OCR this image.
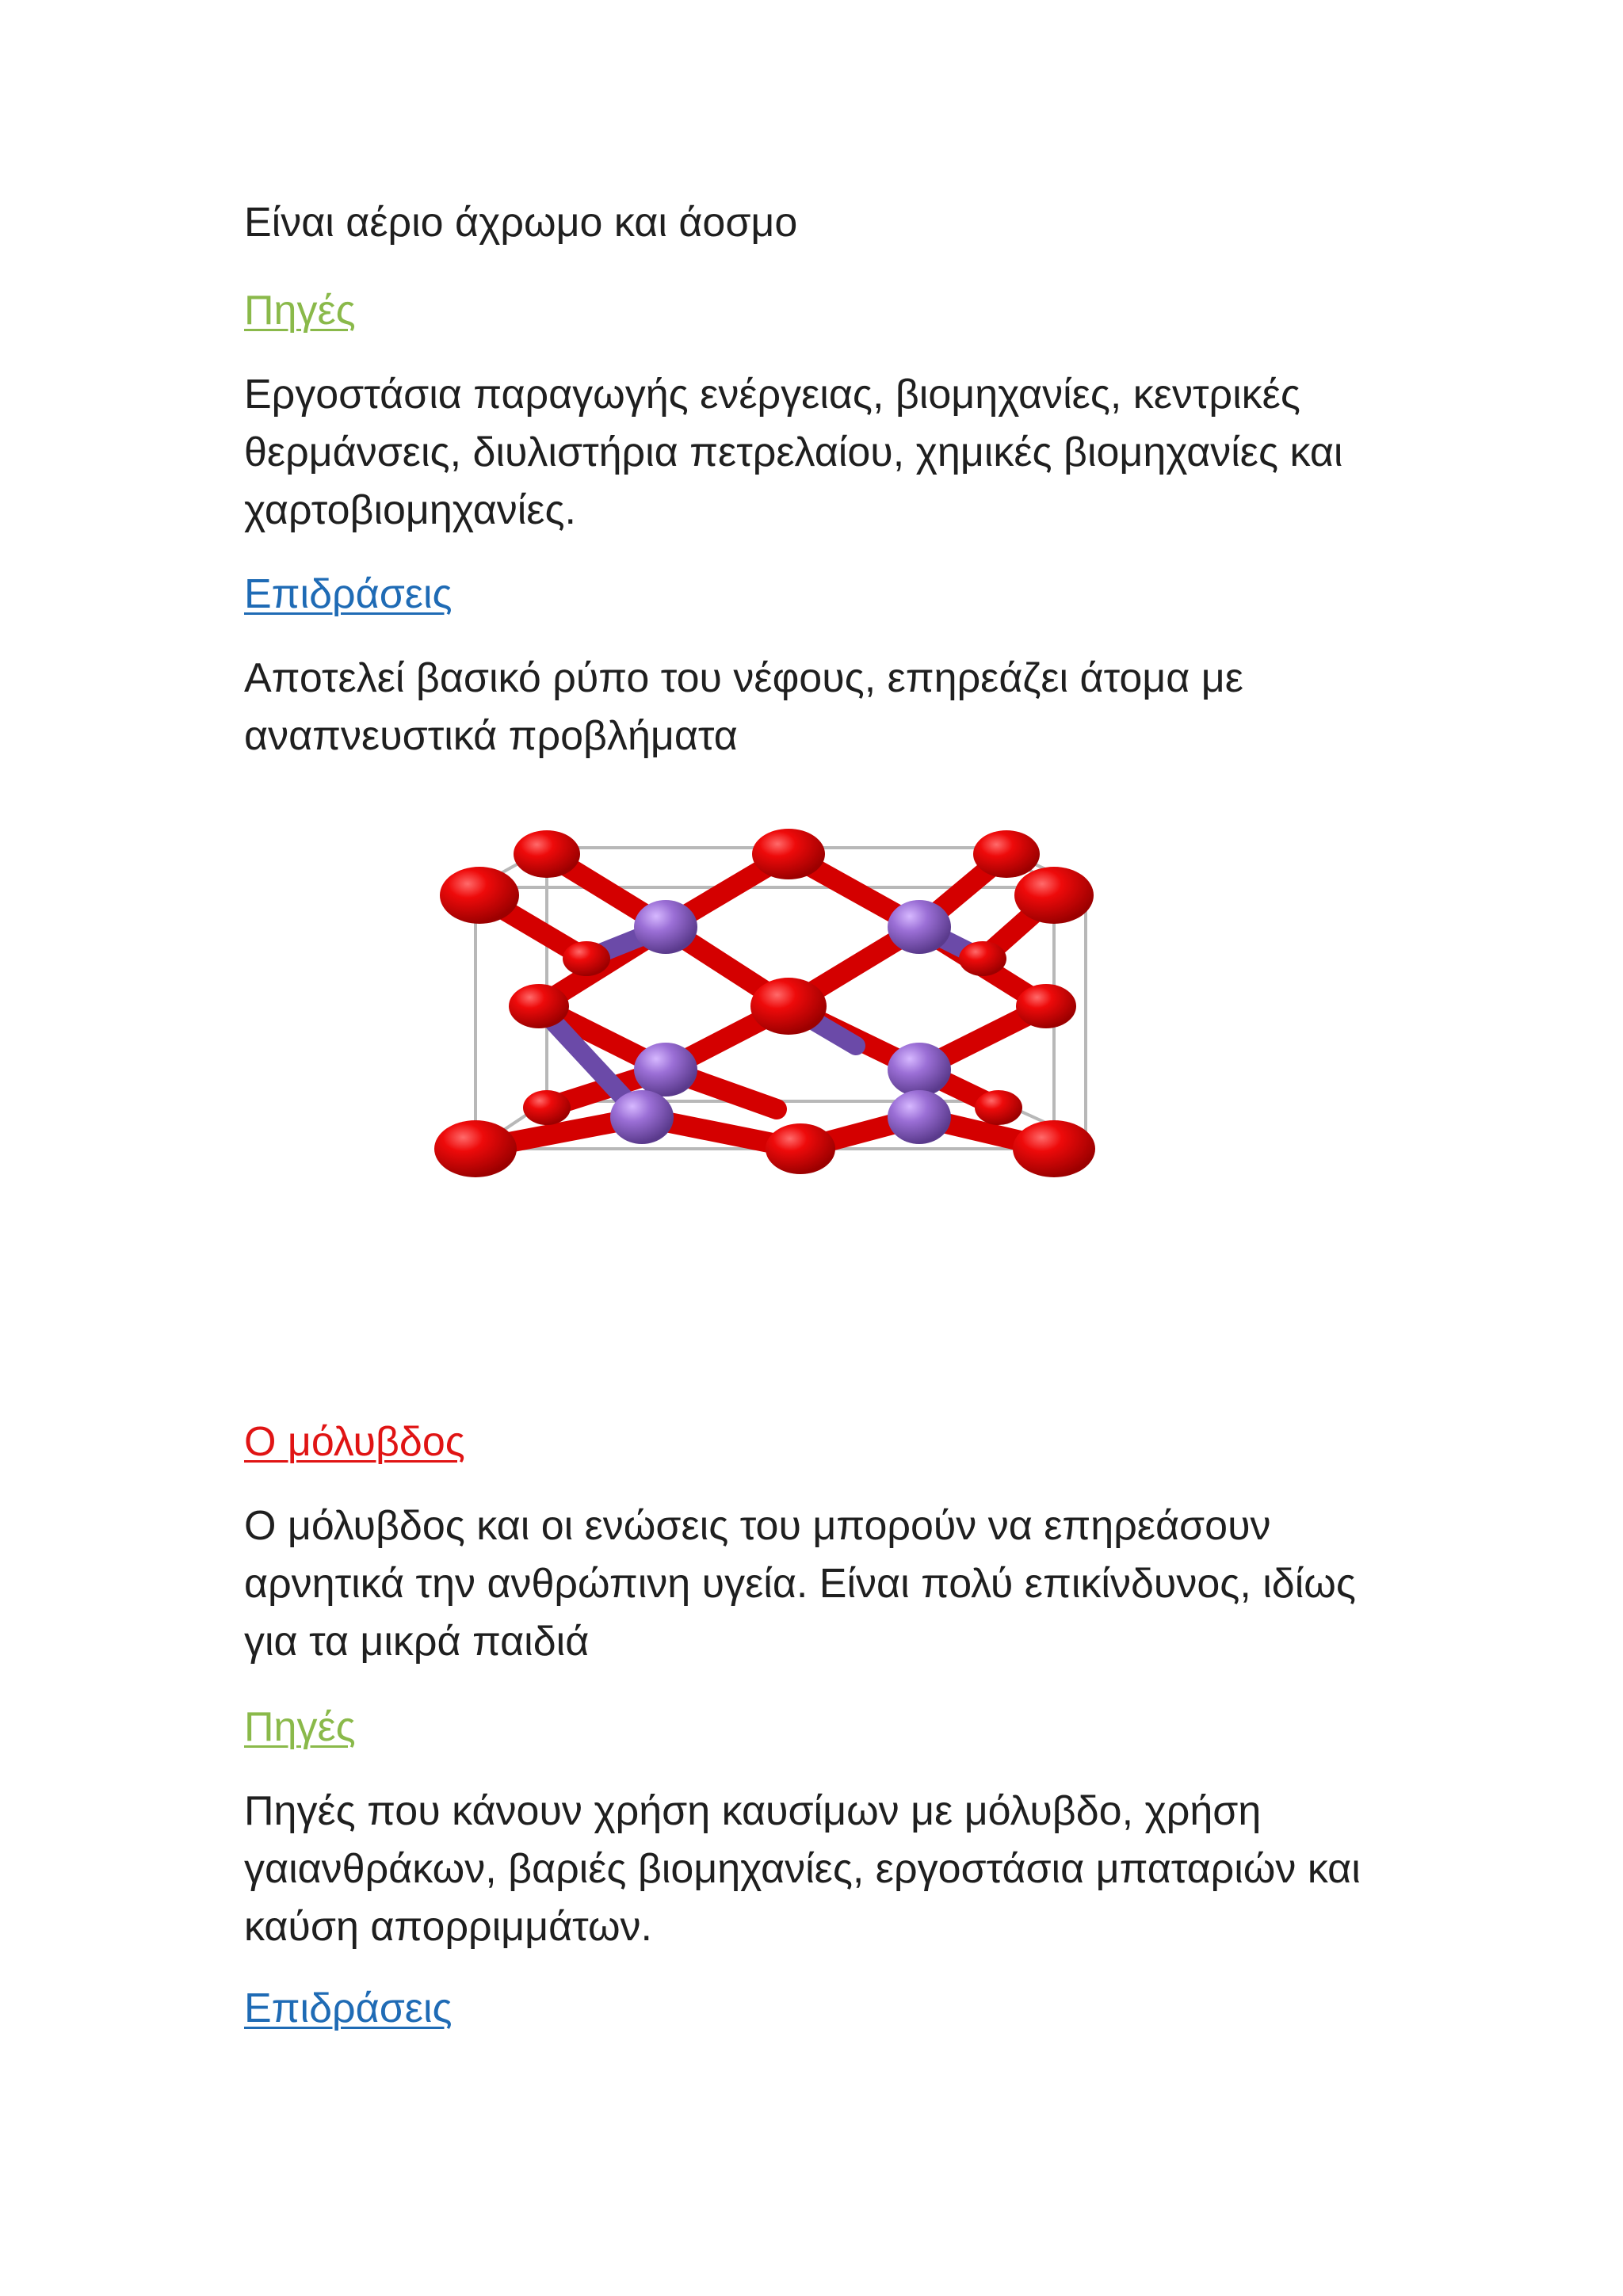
Είναι αέριο άχρωμο και άοσμο

Πηγές

Εργοστάσια παραγωγής ενέργειας, βιομηχανίες, κεντρικές θερμάνσεις, διυλιστήρια πετρελαίου, χημικές βιομηχανίες και χαρτοβιομηχανίες.

Επιδράσεις

Αποτελεί βασικό ρύπο του νέφους, επηρεάζει άτομα με αναπνευστικά προβλήματα

Ο μόλυβδος

Ο μόλυβδος και οι ενώσεις του μπορούν να επηρεάσουν αρνητικά την ανθρώπινη υγεία. Είναι πολύ επικίνδυνος, ιδίως για τα μικρά παιδιά

Πηγές

Πηγές που κάνουν χρήση καυσίμων με μόλυβδο, χρήση γαιανθράκων, βαριές βιομηχανίες, εργοστάσια μπαταριών και καύση απορριμμάτων.

Επιδράσεις
